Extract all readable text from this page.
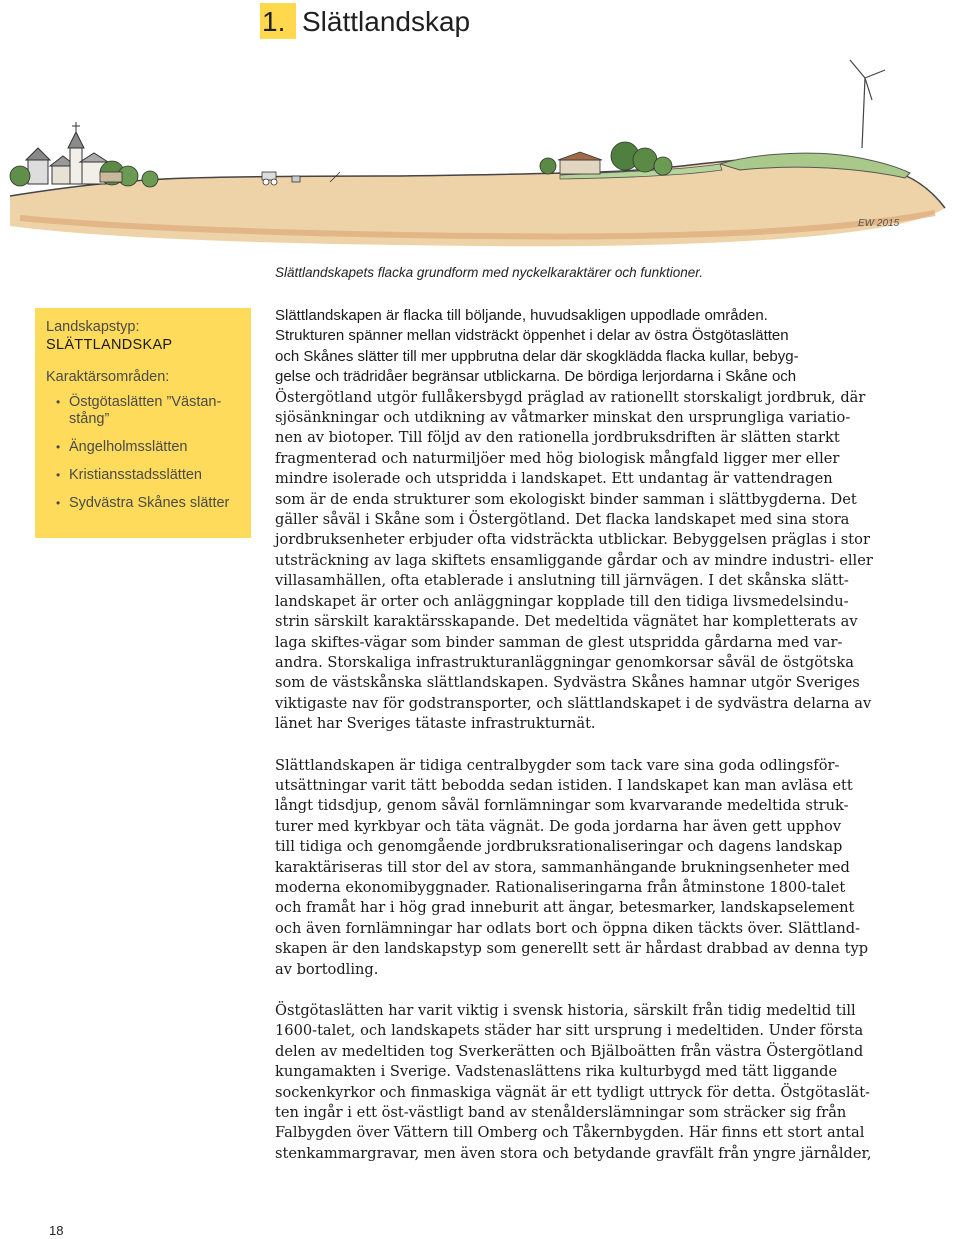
1. Slättlandskap
EW 2015
Slättlandskapets flacka grundform med nyckelkaraktärer och funktioner.
Landskapstyp:
SLÄTTLANDSKAP
Karaktärsområden:
• Östgötaslätten ”Västan-
stång”
• Ängelholmsslätten
• Kristiansstadsslätten
• Sydvästra Skånes slätter
Slättlandskapen är flacka till böljande, huvudsakligen uppodlade områden.
Strukturen spänner mellan vidsträckt öppenhet i delar av östra Östgötaslätten
och Skånes slätter till mer uppbrutna delar där skogklädda flacka kullar, bebyg-
gelse och trädridåer begränsar utblickarna. De bördiga lerjordarna i Skåne och
Östergötland utgör fullåkersbygd präglad av rationellt storskaligt jordbruk, där
sjösänkningar och utdikning av våtmarker minskat den ursprungliga variatio-
nen av biotoper. Till följd av den rationella jordbruksdriften är slätten starkt
fragmenterad och naturmiljöer med hög biologisk mångfald ligger mer eller
mindre isolerade och utspridda i landskapet. Ett undantag är vattendragen
som är de enda strukturer som ekologiskt binder samman i slättbygderna. Det
gäller såväl i Skåne som i Östergötland. Det flacka landskapet med sina stora
jordbruksenheter erbjuder ofta vidsträckta utblickar. Bebyggelsen präglas i stor
utsträckning av laga skiftets ensamliggande gårdar och av mindre industri- eller
villasamhällen, ofta etablerade i anslutning till järnvägen. I det skånska slätt-
landskapet är orter och anläggningar kopplade till den tidiga livsmedelsindu-
strin särskilt karaktärsskapande. Det medeltida vägnätet har kompletterats av
laga skiftes-vägar som binder samman de glest utspridda gårdarna med var-
andra. Storskaliga infrastrukturanläggningar genomkorsar såväl de östgötska
som de västskånska slättlandskapen. Sydvästra Skånes hamnar utgör Sveriges
viktigaste nav för godstransporter, och slättlandskapet i de sydvästra delarna av
länet har Sveriges tätaste infrastrukturnät.
Slättlandskapen är tidiga centralbygder som tack vare sina goda odlingsför-
utsättningar varit tätt bebodda sedan istiden. I landskapet kan man avläsa ett
långt tidsdjup, genom såväl fornlämningar som kvarvarande medeltida struk-
turer med kyrkbyar och täta vägnät. De goda jordarna har även gett upphov
till tidiga och genomgående jordbruksrationaliseringar och dagens landskap
karaktäriseras till stor del av stora, sammanhängande brukningsenheter med
moderna ekonomibyggnader. Rationaliseringarna från åtminstone 1800-talet
och framåt har i hög grad inneburit att ängar, betesmarker, landskapselement
och även fornlämningar har odlats bort och öppna diken täckts över. Slättland-
skapen är den landskapstyp som generellt sett är hårdast drabbad av denna typ
av bortodling.
Östgötaslätten har varit viktig i svensk historia, särskilt från tidig medeltid till
1600-talet, och landskapets städer har sitt ursprung i medeltiden. Under första
delen av medeltiden tog Sverkerätten och Bjälboätten från västra Östergötland
kungamakten i Sverige. Vadstenaslättens rika kulturbygd med tätt liggande
sockenkyrkor och finmaskiga vägnät är ett tydligt uttryck för detta. Östgötaslät-
ten ingår i ett öst-västligt band av stenålderslämningar som sträcker sig från
Falbygden över Vättern till Omberg och Tåkernbygden. Här finns ett stort antal
stenkammargravar, men även stora och betydande gravfält från yngre järnålder,
18
